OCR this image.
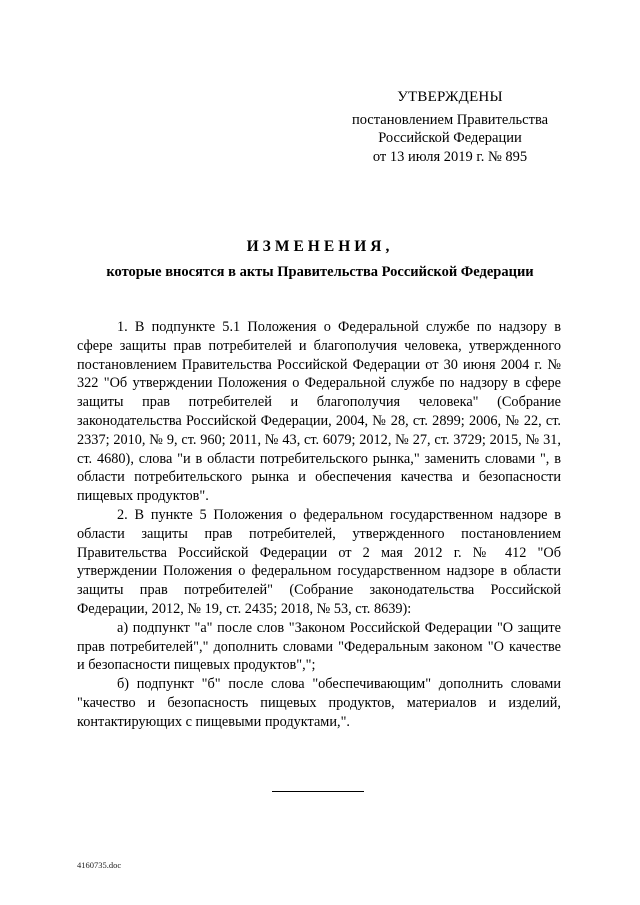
УТВЕРЖДЕНЫ
постановлением Правительства
Российской Федерации
от 13 июля 2019 г. № 895
ИЗМЕНЕНИЯ,
которые вносятся в акты Правительства Российской Федерации

1. В подпункте 5.1 Положения о Федеральной службе по надзору в сфере защиты прав потребителей и благополучия человека, утвержденного постановлением Правительства Российской Федерации от 30 июня 2004 г. № 322 "Об утверждении Положения о Федеральной службе по надзору в сфере защиты прав потребителей и благополучия человека" (Собрание законодательства Российской Федерации, 2004, № 28, ст. 2899; 2006, № 22, ст. 2337; 2010, № 9, ст. 960; 2011, № 43, ст. 6079; 2012, № 27, ст. 3729; 2015, № 31, ст. 4680), слова "и в области потребительского рынка," заменить словами ", в области потребительского рынка и обеспечения качества и безопасности пищевых продуктов".

2. В пункте 5 Положения о федеральном государственном надзоре в области защиты прав потребителей, утвержденного постановлением Правительства Российской Федерации от 2 мая 2012 г. № 412 "Об утверждении Положения о федеральном государственном надзоре в области защиты прав потребителей" (Собрание законодательства Российской Федерации, 2012, № 19, ст. 2435; 2018, № 53, ст. 8639):

а) подпункт "а" после слов "Законом Российской Федерации "О защите прав потребителей"," дополнить словами "Федеральным законом "О качестве и безопасности пищевых продуктов",";

б) подпункт "б" после слова "обеспечивающим" дополнить словами "качество и безопасность пищевых продуктов, материалов и изделий, контактирующих с пищевыми продуктами,".

4160735.doc
